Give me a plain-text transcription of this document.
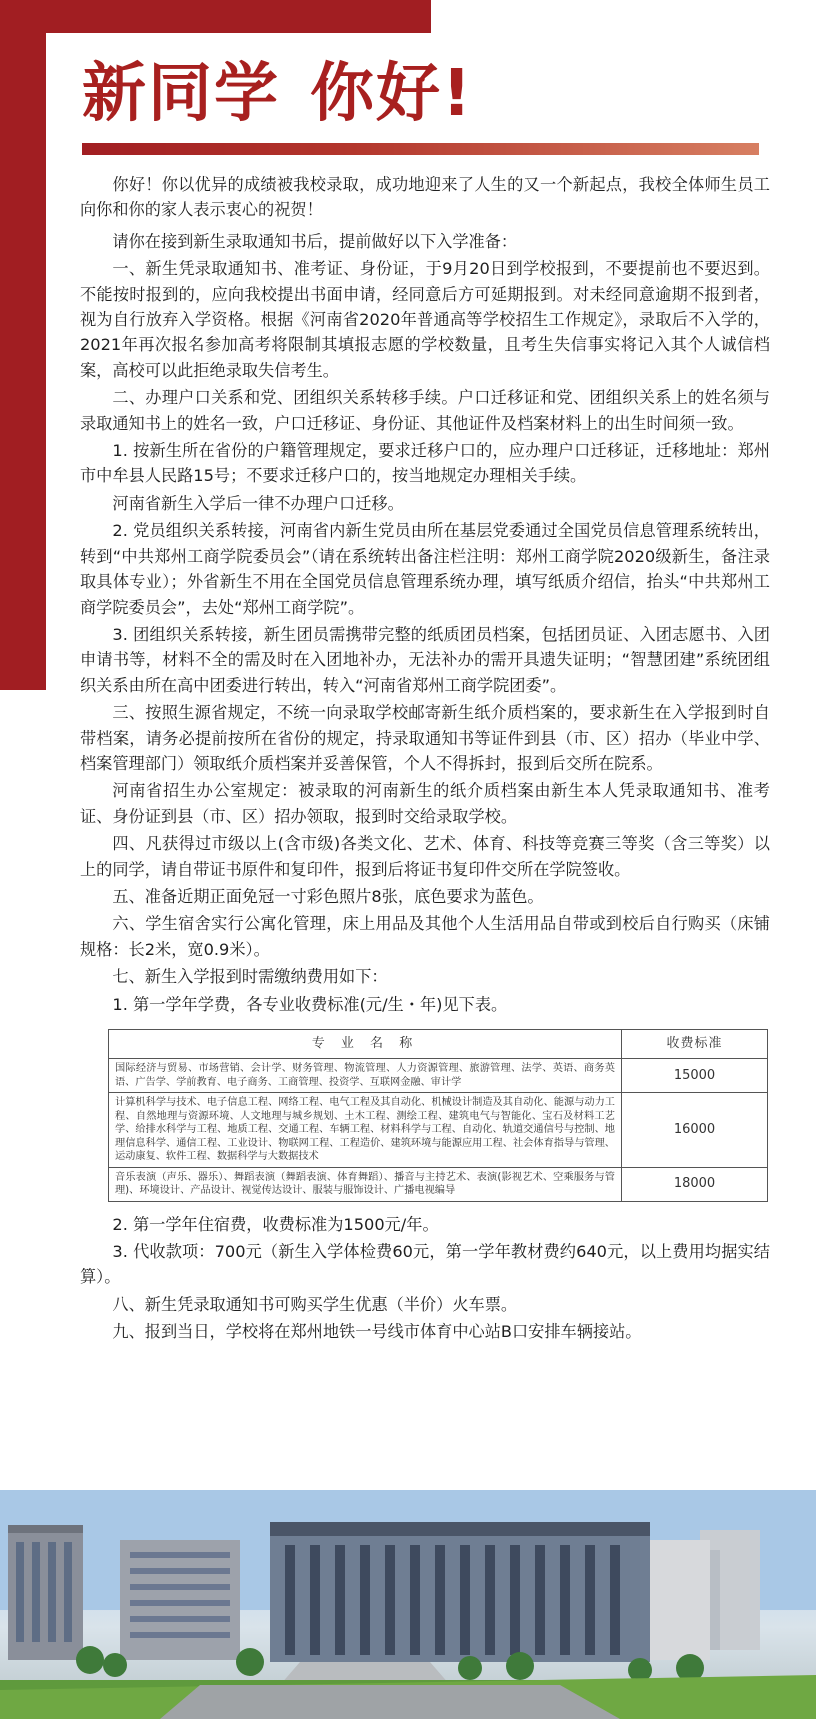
新同学 你好!

你好！你以优异的成绩被我校录取，成功地迎来了人生的又一个新起点，我校全体师生员工向你和你的家人表示衷心的祝贺！

请你在接到新生录取通知书后，提前做好以下入学准备：

一、新生凭录取通知书、准考证、身份证，于9月20日到学校报到，不要提前也不要迟到。不能按时报到的，应向我校提出书面申请，经同意后方可延期报到。对未经同意逾期不报到者，视为自行放弃入学资格。根据《河南省2020年普通高等学校招生工作规定》，录取后不入学的，2021年再次报名参加高考将限制其填报志愿的学校数量，且考生失信事实将记入其个人诚信档案，高校可以此拒绝录取失信考生。

二、办理户口关系和党、团组织关系转移手续。户口迁移证和党、团组织关系上的姓名须与录取通知书上的姓名一致，户口迁移证、身份证、其他证件及档案材料上的出生时间须一致。

1. 按新生所在省份的户籍管理规定，要求迁移户口的，应办理户口迁移证，迁移地址：郑州市中牟县人民路15号；不要求迁移户口的，按当地规定办理相关手续。

河南省新生入学后一律不办理户口迁移。

2. 党员组织关系转接，河南省内新生党员由所在基层党委通过全国党员信息管理系统转出，转到“中共郑州工商学院委员会”（请在系统转出备注栏注明：郑州工商学院2020级新生，备注录取具体专业）；外省新生不用在全国党员信息管理系统办理，填写纸质介绍信，抬头“中共郑州工商学院委员会”，去处“郑州工商学院”。

3. 团组织关系转接，新生团员需携带完整的纸质团员档案，包括团员证、入团志愿书、入团申请书等，材料不全的需及时在入团地补办，无法补办的需开具遗失证明；“智慧团建”系统团组织关系由所在高中团委进行转出，转入“河南省郑州工商学院团委”。

三、按照生源省规定，不统一向录取学校邮寄新生纸介质档案的，要求新生在入学报到时自带档案，请务必提前按所在省份的规定，持录取通知书等证件到县（市、区）招办（毕业中学、档案管理部门）领取纸介质档案并妥善保管，个人不得拆封，报到后交所在院系。

河南省招生办公室规定：被录取的河南新生的纸介质档案由新生本人凭录取通知书、准考证、身份证到县（市、区）招办领取，报到时交给录取学校。

四、凡获得过市级以上(含市级)各类文化、艺术、体育、科技等竞赛三等奖（含三等奖）以上的同学，请自带证书原件和复印件，报到后将证书复印件交所在学院签收。

五、准备近期正面免冠一寸彩色照片8张，底色要求为蓝色。

六、学生宿舍实行公寓化管理，床上用品及其他个人生活用品自带或到校后自行购买（床铺规格：长2米，宽0.9米）。

七、新生入学报到时需缴纳费用如下：

1. 第一学年学费，各专业收费标准(元/生・年)见下表。

专 业 名 称	收费标准
国际经济与贸易、市场营销、会计学、财务管理、物流管理、人力资源管理、旅游管理、法学、英语、商务英语、广告学、学前教育、电子商务、工商管理、投资学、互联网金融、审计学	15000
计算机科学与技术、电子信息工程、网络工程、电气工程及其自动化、机械设计制造及其自动化、能源与动力工程、自然地理与资源环境、人文地理与城乡规划、土木工程、测绘工程、建筑电气与智能化、宝石及材料工艺学、给排水科学与工程、地质工程、交通工程、车辆工程、材料科学与工程、自动化、轨道交通信号与控制、地理信息科学、通信工程、工业设计、物联网工程、工程造价、建筑环境与能源应用工程、社会体育指导与管理、运动康复、软件工程、数据科学与大数据技术	16000
音乐表演（声乐、器乐）、舞蹈表演（舞蹈表演、体育舞蹈）、播音与主持艺术、表演(影视艺术、空乘服务与管理)、环境设计、产品设计、视觉传达设计、服装与服饰设计、广播电视编导	18000

2. 第一学年住宿费，收费标准为1500元/年。

3. 代收款项：700元（新生入学体检费60元，第一学年教材费约640元，以上费用均据实结算）。

八、新生凭录取通知书可购买学生优惠（半价）火车票。

九、报到当日，学校将在郑州地铁一号线市体育中心站B口安排车辆接站。
